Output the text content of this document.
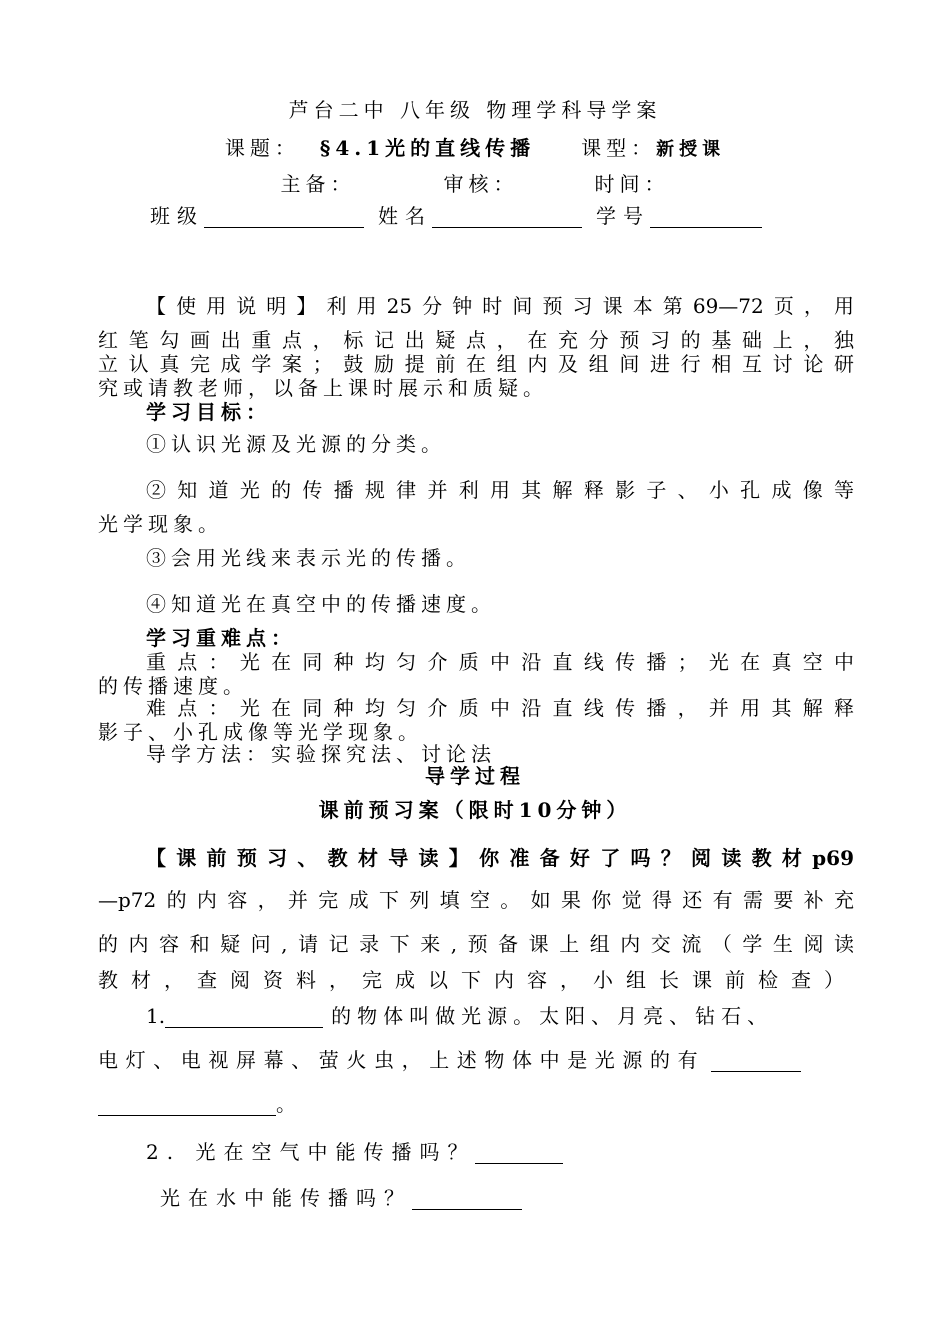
芦台二中 八年级 物理学科导学案
课题： §4.1光的直线传播 课型：新授课
主备：	审核：	时间：
班级	姓名	学号
【使用说明】利用25分钟时间预习课本第69—72页，用
红笔勾画出重点，标记出疑点，在充分预习的基础上，独
立认真完成学案；鼓励提前在组内及组间进行相互讨论研
究或请教老师，以备上课时展示和质疑。
学习目标：
①认识光源及光源的分类。
②知道光的传播规律并利用其解释影子、小孔成像等
光学现象。
③会用光线来表示光的传播。
④知道光在真空中的传播速度。
学习重难点：
重点：光在同种均匀介质中沿直线传播；光在真空中
的传播速度。
难点：光在同种均匀介质中沿直线传播，并用其解释
影子、小孔成像等光学现象。
导学方法：实验探究法、讨论法
导学过程
课前预习案（限时10分钟）
【课前预习、教材导读】你准备好了吗？阅读教材p69
—p72的内容，并完成下列填空。如果你觉得还有需要补充
的内容和疑问,请记录下来,预备课上组内交流（学生阅读
教材，查阅资料，完成以下内容，小组长课前检查）
1.	的物体叫做光源。太阳、月亮、钻石、
电灯、电视屏幕、萤火虫，上述物体中是光源的有
。
2. 光在空气中能传播吗？
光在水中能传播吗？
